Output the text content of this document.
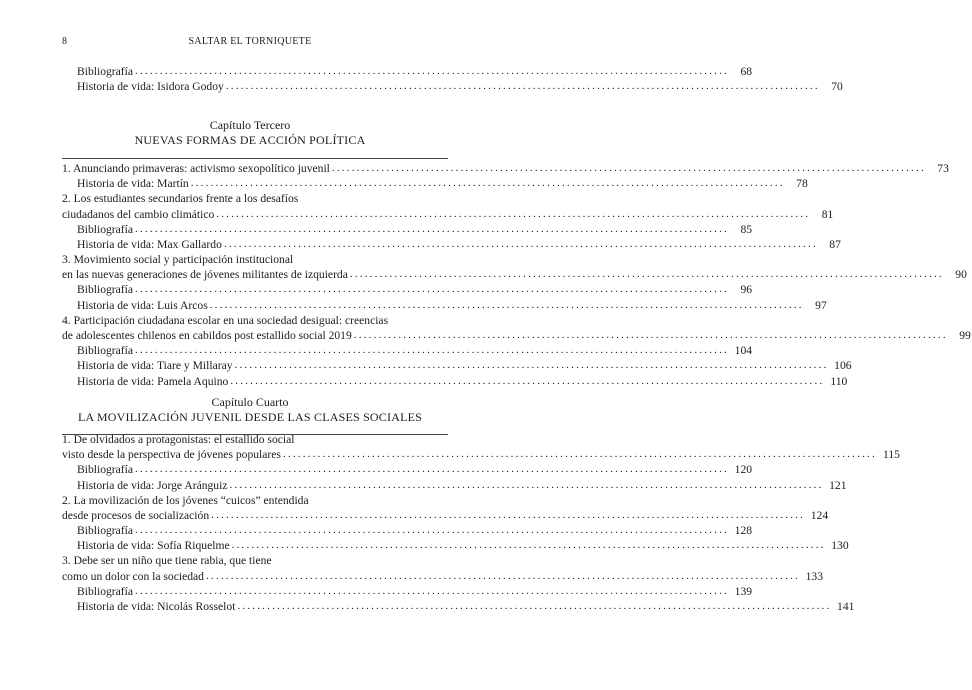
8	SALTAR EL TORNIQUETE
Bibliografía ........................................................................................................................ 68
Historia de vida: Isidora Godoy ........................................................................................................................ 70
Capítulo Tercero
NUEVAS FORMAS DE ACCIÓN POLÍTICA
1. Anunciando primaveras: activismo sexopolítico juvenil ........................................................................................................................ 73
Historia de vida: Martín ........................................................................................................................ 78
2. Los estudiantes secundarios frente a los desafíos
ciudadanos del cambio climático ........................................................................................................................ 81
Bibliografía ........................................................................................................................ 85
Historia de vida: Max Gallardo ........................................................................................................................ 87
3. Movimiento social y participación institucional
en las nuevas generaciones de jóvenes militantes de izquierda ........................................................................................................................ 90
Bibliografía ........................................................................................................................ 96
Historia de vida: Luis Arcos ........................................................................................................................ 97
4. Participación ciudadana escolar en una sociedad desigual: creencias
de adolescentes chilenos en cabildos post estallido social 2019 ........................................................................................................................ 99
Bibliografía ........................................................................................................................ 104
Historia de vida: Tiare y Millaray ........................................................................................................................ 106
Historia de vida: Pamela Aquino ........................................................................................................................ 110
Capítulo Cuarto
LA MOVILIZACIÓN JUVENIL DESDE LAS CLASES SOCIALES
1. De olvidados a protagonistas: el estallido social
visto desde la perspectiva de jóvenes populares ........................................................................................................................ 115
Bibliografía ........................................................................................................................ 120
Historia de vida: Jorge Aránguiz ........................................................................................................................ 121
2. La movilización de los jóvenes “cuicos” entendida
desde procesos de socialización ........................................................................................................................ 124
Bibliografía ........................................................................................................................ 128
Historia de vida: Sofía Riquelme ........................................................................................................................ 130
3. Debe ser un niño que tiene rabia, que tiene
como un dolor con la sociedad ........................................................................................................................ 133
Bibliografía ........................................................................................................................ 139
Historia de vida: Nicolás Rosselot ........................................................................................................................ 141
